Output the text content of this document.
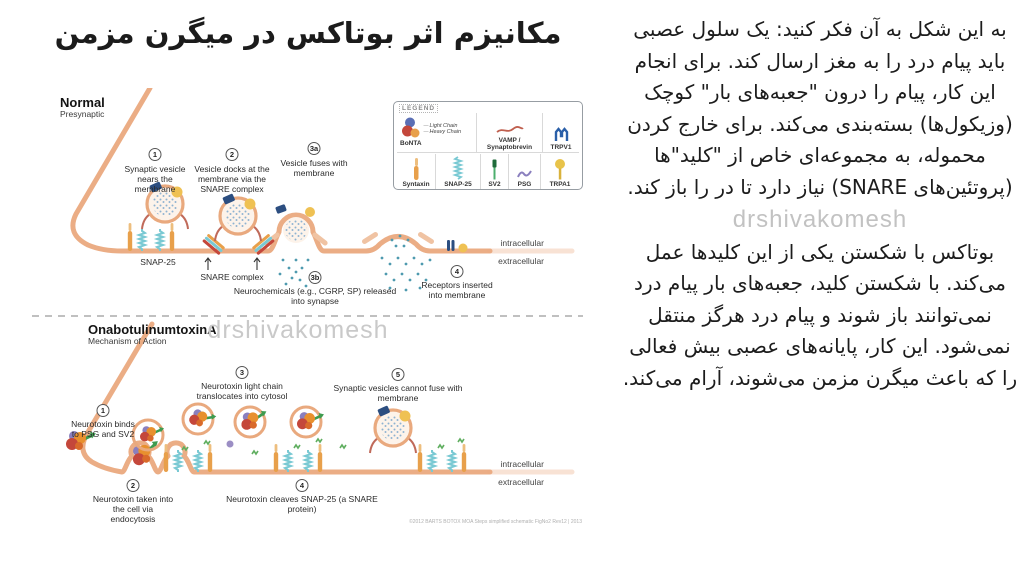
مکانیزم اثر بوتاکس در میگرن مزمن
Normal
Presynaptic
OnabotulinumtoxinA
Mechanism of Action
LEGEND
BoNTA
— Light Chain
— Heavy Chain
VAMP / Synaptobrevin	TRPV1
Syntaxin SNAP-25	SV2	PSG	TRPA1
1
Synaptic vesicle nears the membrane
2
Vesicle docks at the membrane via the SNARE complex
3a
Vesicle fuses with membrane
3b
Neurochemicals (e.g., CGRP, SP) released into synapse
4
Receptors inserted into membrane
SNAP-25
SNARE complex
intracellular
extracellular
drshivakomesh
1
Neurotoxin binds to PSG and SV2
2
Neurotoxin taken into the cell via endocytosis
3
Neurotoxin light chain translocates into cytosol
4
Neurotoxin cleaves SNAP-25 (a SNARE protein)
5
Synaptic vesicles cannot fuse with membrane
intracellular
extracellular
©2012 BARTS BOTOX MOA Steps simplified schematic FigNo2 Rev12 | 2013

به این شکل به آن فکر کنید: یک سلول عصبی باید پیام درد را به مغز ارسال کند. برای انجام این کار، پیام را درون "جعبه‌های بار" کوچک (وزیکول‌ها) بسته‌بندی می‌کند. برای خارج کردن محموله، به مجموعه‌ای خاص از "کلید"ها (پروتئین‌های SNARE) نیاز دارد تا در را باز کند.

drshivakomesh

بوتاکس با شکستن یکی از این کلیدها عمل می‌کند. با شکستن کلید، جعبه‌های بار پیام درد نمی‌توانند باز شوند و پیام درد هرگز منتقل نمی‌شود. این کار، پایانه‌های عصبی بیش فعالی را که باعث میگرن مزمن می‌شوند، آرام می‌کند.
